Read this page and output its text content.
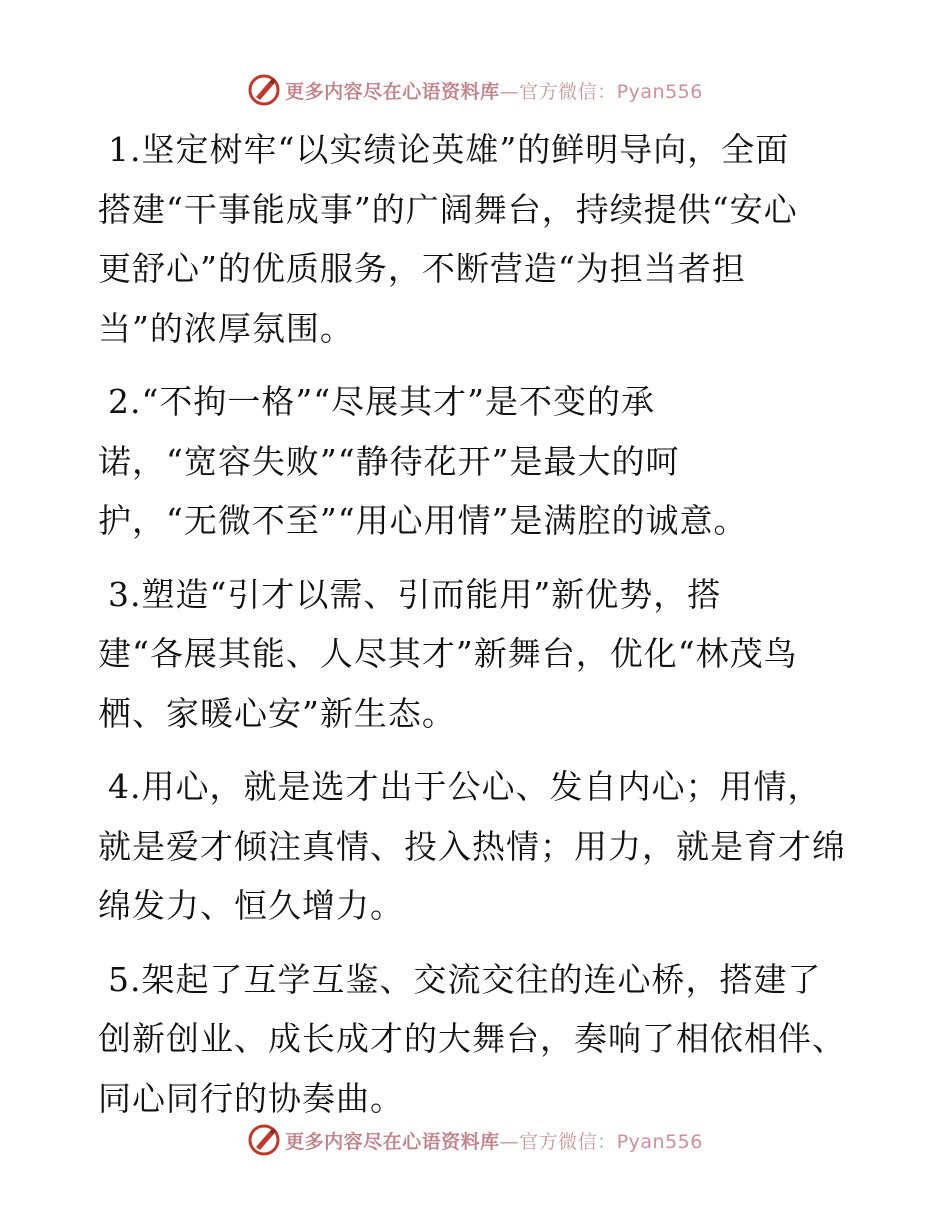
更多内容尽在心语资料库—官方微信：Pyan556
1.坚定树牢“以实绩论英雄”的鲜明导向，全面
搭建“干事能成事”的广阔舞台，持续提供“安心
更舒心”的优质服务，不断营造“为担当者担
当”的浓厚氛围。
2.“不拘一格”“尽展其才”是不变的承
诺，“宽容失败”“静待花开”是最大的呵
护，“无微不至”“用心用情”是满腔的诚意。
3.塑造“引才以需、引而能用”新优势，搭
建“各展其能、人尽其才”新舞台，优化“林茂鸟
栖、家暖心安”新生态。
4.用心，就是选才出于公心、发自内心；用情，
就是爱才倾注真情、投入热情；用力，就是育才绵
绵发力、恒久增力。
5.架起了互学互鉴、交流交往的连心桥，搭建了
创新创业、成长成才的大舞台，奏响了相依相伴、
同心同行的协奏曲。
更多内容尽在心语资料库—官方微信：Pyan556
